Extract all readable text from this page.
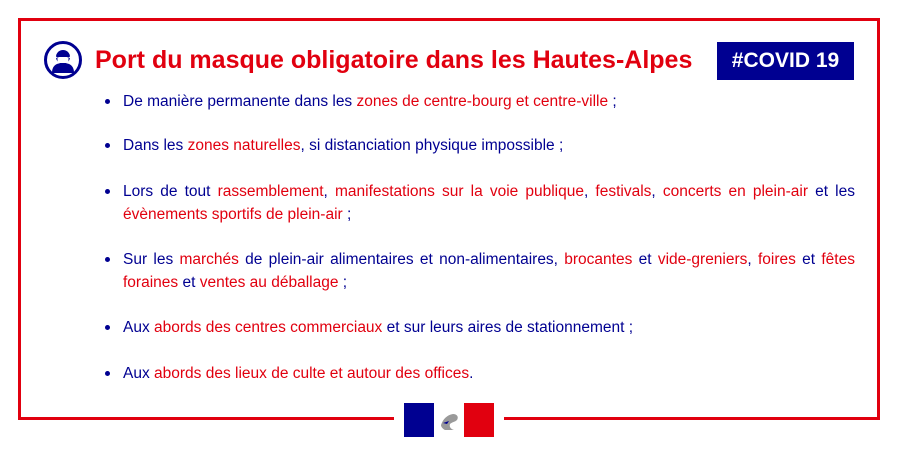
Port du masque obligatoire dans les Hautes-Alpes	#COVID 19
De manière permanente dans les zones de centre-bourg et centre-ville ;
Dans les zones naturelles, si distanciation physique impossible ;
Lors de tout rassemblement, manifestations sur la voie publique, festivals, concerts en plein-air et les évènements sportifs de plein-air ;
Sur les marchés de plein-air alimentaires et non-alimentaires, brocantes et vide-greniers, foires et fêtes foraines et ventes au déballage ;
Aux abords des centres commerciaux et sur leurs aires de stationnement ;
Aux abords des lieux de culte et autour des offices.
